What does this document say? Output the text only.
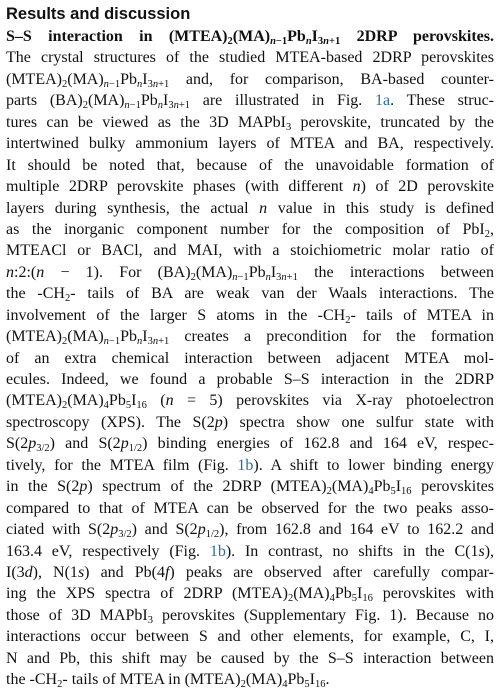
Results and discussion
S–S interaction in $(MTEA)_2(MA)_{n-1}Pb_nI_{3n+1}$ 2DRP perovskites.
The crystal structures of the studied MTEA-based 2DRP perovskites
$(MTEA)_2(MA)_{n-1}Pb_nI_{3n+1}$ and, for comparison, BA-based counter-
parts $(BA)_2(MA)_{n-1}Pb_nI_{3n+1}$ are illustrated in Fig. 1a. These struc-
tures can be viewed as the 3D MAPbI$_3$ perovskite, truncated by the
intertwined bulky ammonium layers of MTEA and BA, respectively.
It should be noted that, because of the unavoidable formation of
multiple 2DRP perovskite phases (with different n) of 2D perovskite
layers during synthesis, the actual n value in this study is defined
as the inorganic component number for the composition of PbI$_2$,
MTEACl or BACl, and MAI, with a stoichiometric molar ratio of
n:2:(n − 1). For $(BA)_2(MA)_{n-1}Pb_nI_{3n+1}$ the interactions between
the $-CH_2-$ tails of BA are weak van der Waals interactions. The
involvement of the larger S atoms in the $-CH_2-$ tails of MTEA in
$(MTEA)_2(MA)_{n-1}Pb_nI_{3n+1}$ creates a precondition for the formation
of an extra chemical interaction between adjacent MTEA mol-
ecules. Indeed, we found a probable S–S interaction in the 2DRP
$(MTEA)_2(MA)_4Pb_5I_{16}$ (n = 5) perovskites via X-ray photoelectron
spectroscopy (XPS). The S(2p) spectra show one sulfur state with
$S(2p_{3/2})$ and $S(2p_{1/2})$ binding energies of 162.8 and 164 eV, respec-
tively, for the MTEA film (Fig. 1b). A shift to lower binding energy
in the S(2p) spectrum of the 2DRP $(MTEA)_2(MA)_4Pb_5I_{16}$ perovskites
compared to that of MTEA can be observed for the two peaks asso-
ciated with $S(2p_{3/2})$ and $S(2p_{1/2})$, from 162.8 and 164 eV to 162.2 and
163.4 eV, respectively (Fig. 1b). In contrast, no shifts in the C(1s),
I(3d), N(1s) and Pb(4f) peaks are observed after carefully compar-
ing the XPS spectra of 2DRP $(MTEA)_2(MA)_4Pb_5I_{16}$ perovskites with
those of 3D MAPbI$_3$ perovskites (Supplementary Fig. 1). Because no
interactions occur between S and other elements, for example, C, I,
N and Pb, this shift may be caused by the S–S interaction between
the $-CH_2-$ tails of MTEA in $(MTEA)_2(MA)_4Pb_5I_{16}$.
